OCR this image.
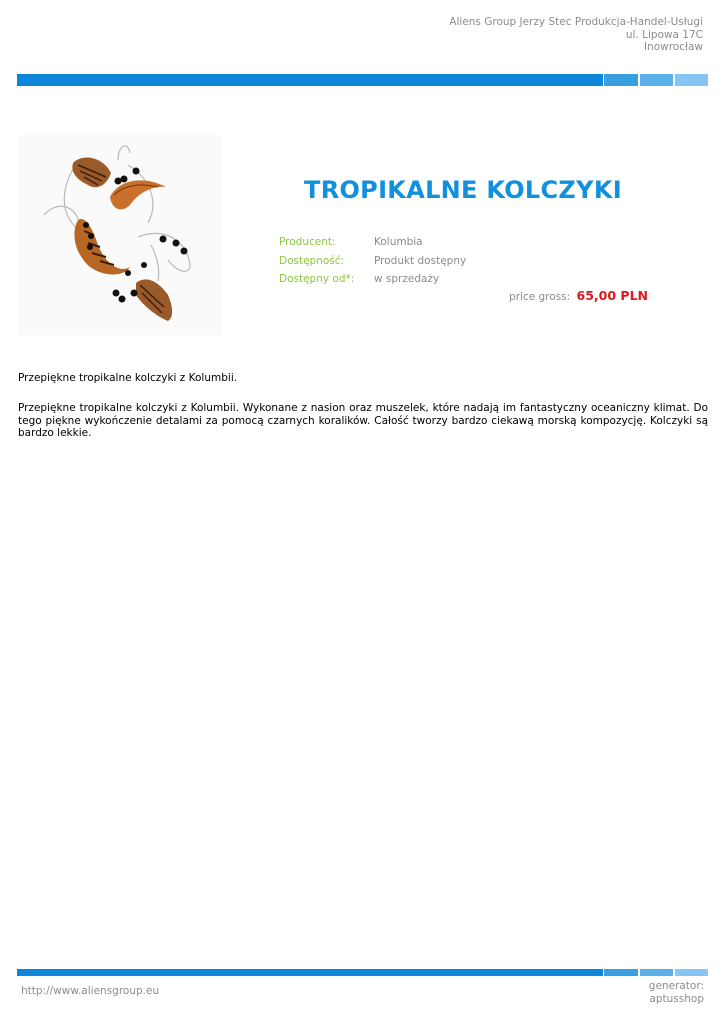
Aliens Group Jerzy Stec Produkcja-Handel-Usługi
ul. Lipowa 17C
Inowrocław
TROPIKALNE KOLCZYKI
Producent:	Kolumbia
Dostępność:	Produkt dostępny
Dostępny od*:	w sprzedaży
price gross: 65,00 PLN
Przepiękne tropikalne kolczyki z Kolumbii.
Przepiękne tropikalne kolczyki z Kolumbii. Wykonane z nasion oraz muszelek, które nadają im fantastyczny oceaniczny klimat. Do tego piękne wykończenie detalami za pomocą czarnych koralików. Całość tworzy bardzo ciekawą morską kompozycję. Kolczyki są bardzo lekkie.
http://www.aliensgroup.eu	generator:
aptusshop
